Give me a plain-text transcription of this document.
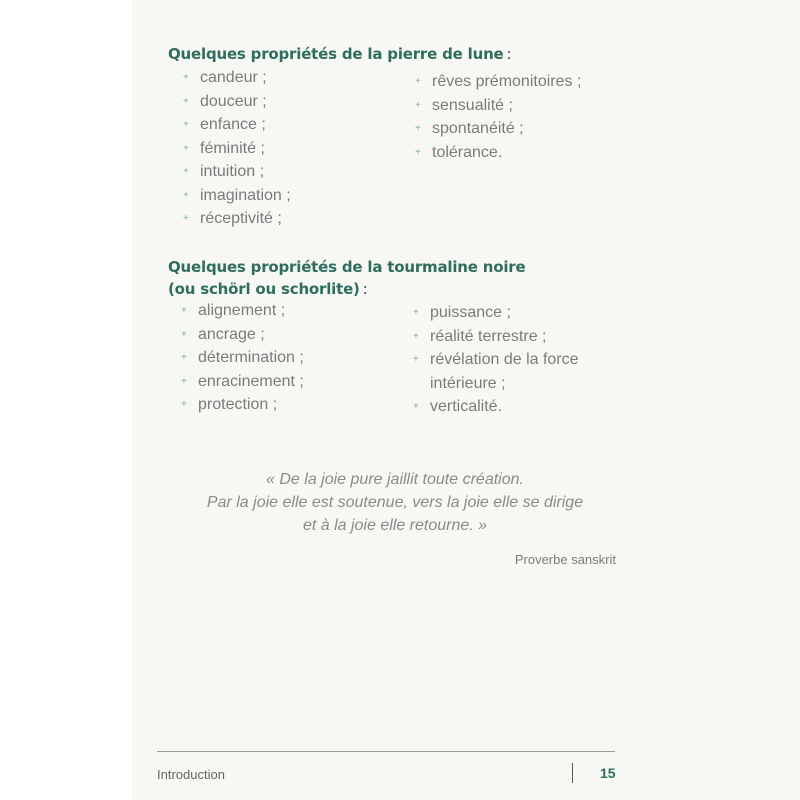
Quelques propriétés de la pierre de lune :
+ candeur ;
+ douceur ;
+ enfance ;
+ féminité ;
+ intuition ;
+ imagination ;
+ réceptivité ;
+ rêves prémonitoires ;
+ sensualité ;
+ spontanéité ;
+ tolérance.
Quelques propriétés de la tourmaline noire
(ou schörl ou schorlite) :
+ alignement ;
+ ancrage ;
+ détermination ;
+ enracinement ;
+ protection ;
+ puissance ;
+ réalité terrestre ;
+ révélation de la force
intérieure ;
+ verticalité.
« De la joie pure jaillit toute création.
Par la joie elle est soutenue, vers la joie elle se dirige
et à la joie elle retourne. »
Proverbe sanskrit
Introduction	15
